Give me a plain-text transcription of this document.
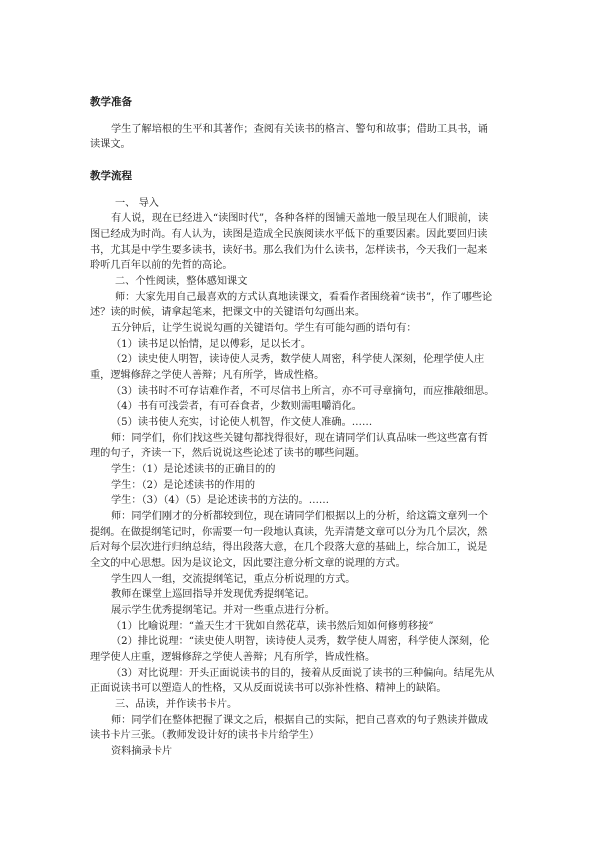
教学准备
学生了解培根的生平和其著作；查阅有关读书的格言、警句和故事；借助工具书，诵
读课文。
教学流程
一、 导入
有人说，现在已经进入“读图时代”，各种各样的图铺天盖地一般呈现在人们眼前，读
图已经成为时尚。有人认为，读图是造成全民族阅读水平低下的重要因素。因此要回归读
书，尤其是中学生要多读书，读好书。那么我们为什么读书，怎样读书，今天我们一起来
聆听几百年以前的先哲的高论。
二、个性阅读，整体感知课文
师：大家先用自己最喜欢的方式认真地读课文，看看作者围绕着“读书”，作了哪些论
述？读的时候，请拿起笔来，把课文中的关键语句勾画出来。
五分钟后，让学生说说勾画的关键语句。学生有可能勾画的语句有：
（1）读书足以怡情，足以傅彩，足以长才。
（2）读史使人明智，读诗使人灵秀，数学使人周密，科学使人深刻，伦理学使人庄
重，逻辑修辞之学使人善辩；凡有所学，皆成性格。
（3）读书时不可存诘难作者，不可尽信书上所言，亦不可寻章摘句，而应推敲细思。
（4）书有可浅尝者，有可吞食者，少数则需咀嚼消化。
（5）读书使人充实，讨论使人机智，作文使人准确。……
师：同学们，你们找这些关键句都找得很好，现在请同学们认真品味一些这些富有哲
理的句子，齐读一下，然后说说这些论述了读书的哪些问题。
学生：（1）是论述读书的正确目的的
学生：（2）是论述读书的作用的
学生：（3）（4）（5）是论述读书的方法的。……
师：同学们刚才的分析都较到位，现在请同学们根据以上的分析，给这篇文章列一个
提纲。在做提纲笔记时，你需要一句一段地认真读，先弄清楚文章可以分为几个层次，然
后对每个层次进行归纳总结，得出段落大意，在几个段落大意的基础上，综合加工，说是
全文的中心思想。因为是议论文，因此要注意分析文章的说理的方式。
学生四人一组，交流提纲笔记，重点分析说理的方式。
教师在课堂上巡回指导并发现优秀提纲笔记。
展示学生优秀提纲笔记。并对一些重点进行分析。
（1）比喻说理：“盖天生才干犹如自然花草，读书然后知如何修剪移接”
（2）排比说理：“读史使人明智，读诗使人灵秀，数学使人周密，科学使人深刻，伦
理学使人庄重，逻辑修辞之学使人善辩；凡有所学，皆成性格。
（3）对比说理：开头正面说读书的目的，接着从反面说了读书的三种偏向。结尾先从
正面说读书可以塑造人的性格，又从反面说读书可以弥补性格、精神上的缺陷。
三、品读，并作读书卡片。
师：同学们在整体把握了课文之后，根据自己的实际，把自己喜欢的句子熟读并做成
读书卡片三张。（教师发设计好的读书卡片给学生）
资料摘录卡片
